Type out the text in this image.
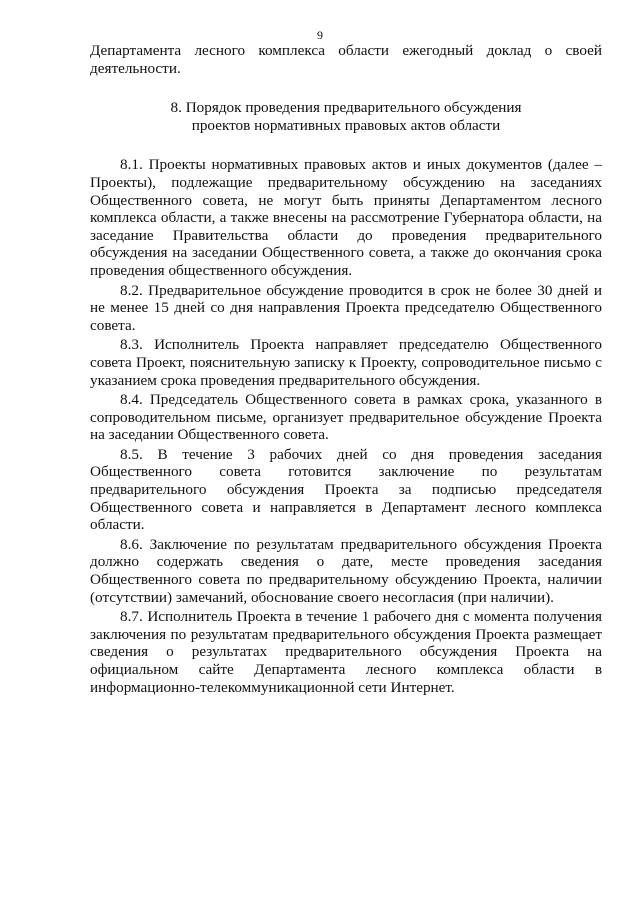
9

Департамента лесного комплекса области ежегодный доклад о своей деятельности.

8. Порядок проведения предварительного обсуждения
проектов нормативных правовых актов области

8.1. Проекты нормативных правовых актов и иных документов (далее – Проекты), подлежащие предварительному обсуждению на заседаниях Общественного совета, не могут быть приняты Департаментом лесного комплекса области, а также внесены на рассмотрение Губернатора области, на заседание Правительства области до проведения предварительного обсуждения на заседании Общественного совета, а также до окончания срока проведения общественного обсуждения.

8.2. Предварительное обсуждение проводится в срок не более 30 дней и не менее 15 дней со дня направления Проекта председателю Общественного совета.

8.3. Исполнитель Проекта направляет председателю Общественного совета Проект, пояснительную записку к Проекту, сопроводительное письмо с указанием срока проведения предварительного обсуждения.

8.4. Председатель Общественного совета в рамках срока, указанного в сопроводительном письме, организует предварительное обсуждение Проекта на заседании Общественного совета.

8.5. В течение 3 рабочих дней со дня проведения заседания Общественного совета готовится заключение по результатам предварительного обсуждения Проекта за подписью председателя Общественного совета и направляется в Департамент лесного комплекса области.

8.6. Заключение по результатам предварительного обсуждения Проекта должно содержать сведения о дате, месте проведения заседания Общественного совета по предварительному обсуждению Проекта, наличии (отсутствии) замечаний, обоснование своего несогласия (при наличии).

8.7. Исполнитель Проекта в течение 1 рабочего дня с момента получения заключения по результатам предварительного обсуждения Проекта размещает сведения о результатах предварительного обсуждения Проекта на официальном сайте Департамента лесного комплекса области в информационно-телекоммуникационной сети Интернет.
